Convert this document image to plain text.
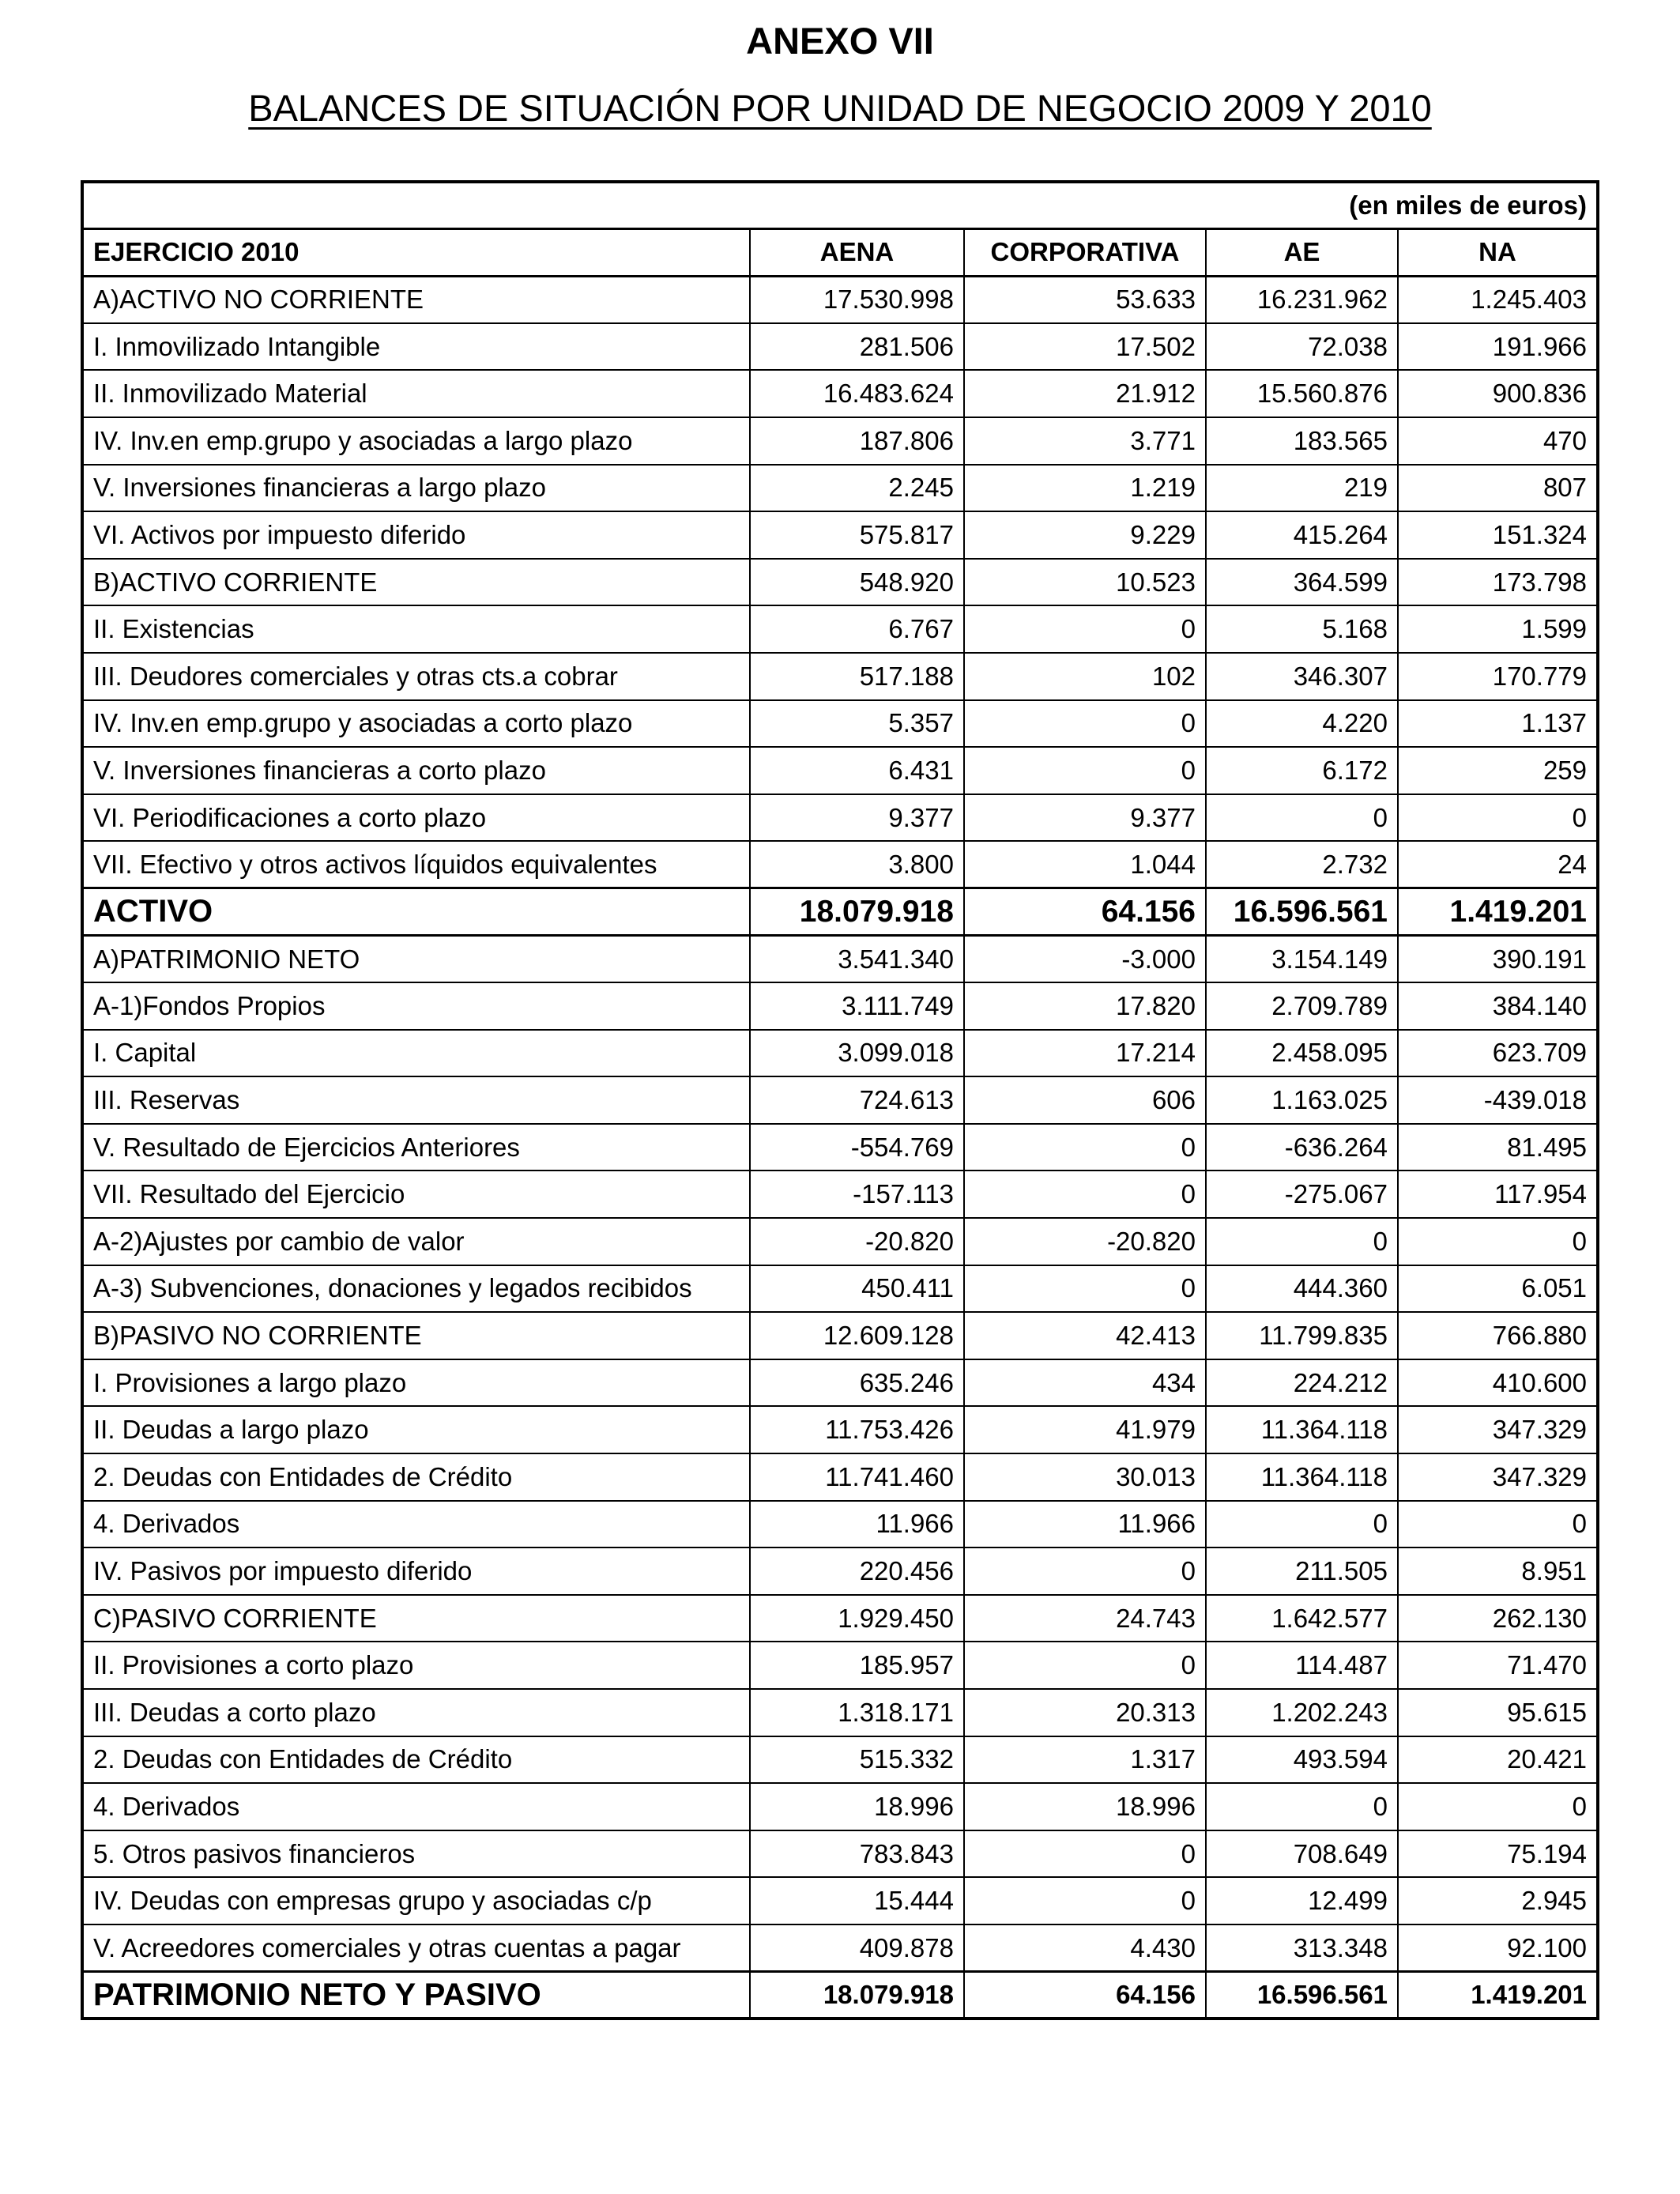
ANEXO VII
BALANCES DE SITUACIÓN POR UNIDAD DE NEGOCIO 2009 Y 2010
(en miles de euros)				
EJERCICIO 2010	AENA	CORPORATIVA	AE	NA
A)ACTIVO NO CORRIENTE	17.530.998	53.633	16.231.962	1.245.403
I. Inmovilizado Intangible	281.506	17.502	72.038	191.966
II. Inmovilizado Material	16.483.624	21.912	15.560.876	900.836
IV. Inv.en emp.grupo y asociadas a largo plazo	187.806	3.771	183.565	470
V. Inversiones financieras a largo plazo	2.245	1.219	219	807
VI. Activos por impuesto diferido	575.817	9.229	415.264	151.324
B)ACTIVO CORRIENTE	548.920	10.523	364.599	173.798
II. Existencias	6.767	0	5.168	1.599
III. Deudores comerciales y otras cts.a cobrar	517.188	102	346.307	170.779
IV. Inv.en emp.grupo y asociadas a corto plazo	5.357	0	4.220	1.137
V. Inversiones financieras a corto plazo	6.431	0	6.172	259
VI. Periodificaciones a corto plazo	9.377	9.377	0	0
VII. Efectivo y otros activos líquidos equivalentes	3.800	1.044	2.732	24
ACTIVO	18.079.918	64.156	16.596.561	1.419.201
A)PATRIMONIO NETO	3.541.340	-3.000	3.154.149	390.191
A-1)Fondos Propios	3.111.749	17.820	2.709.789	384.140
I. Capital	3.099.018	17.214	2.458.095	623.709
III. Reservas	724.613	606	1.163.025	-439.018
V. Resultado de Ejercicios Anteriores	-554.769	0	-636.264	81.495
VII. Resultado del Ejercicio	-157.113	0	-275.067	117.954
A-2)Ajustes por cambio de valor	-20.820	-20.820	0	0
A-3) Subvenciones, donaciones y legados recibidos	450.411	0	444.360	6.051
B)PASIVO NO CORRIENTE	12.609.128	42.413	11.799.835	766.880
I. Provisiones a largo plazo	635.246	434	224.212	410.600
II. Deudas a largo plazo	11.753.426	41.979	11.364.118	347.329
2. Deudas con Entidades de Crédito	11.741.460	30.013	11.364.118	347.329
4. Derivados	11.966	11.966	0	0
IV. Pasivos por impuesto diferido	220.456	0	211.505	8.951
C)PASIVO CORRIENTE	1.929.450	24.743	1.642.577	262.130
II. Provisiones a corto plazo	185.957	0	114.487	71.470
III. Deudas a corto plazo	1.318.171	20.313	1.202.243	95.615
2. Deudas con Entidades de Crédito	515.332	1.317	493.594	20.421
4. Derivados	18.996	18.996	0	0
5. Otros pasivos financieros	783.843	0	708.649	75.194
IV. Deudas con empresas grupo y asociadas c/p	15.444	0	12.499	2.945
V. Acreedores comerciales y otras cuentas a pagar	409.878	4.430	313.348	92.100
PATRIMONIO NETO Y PASIVO	18.079.918	64.156	16.596.561	1.419.201
